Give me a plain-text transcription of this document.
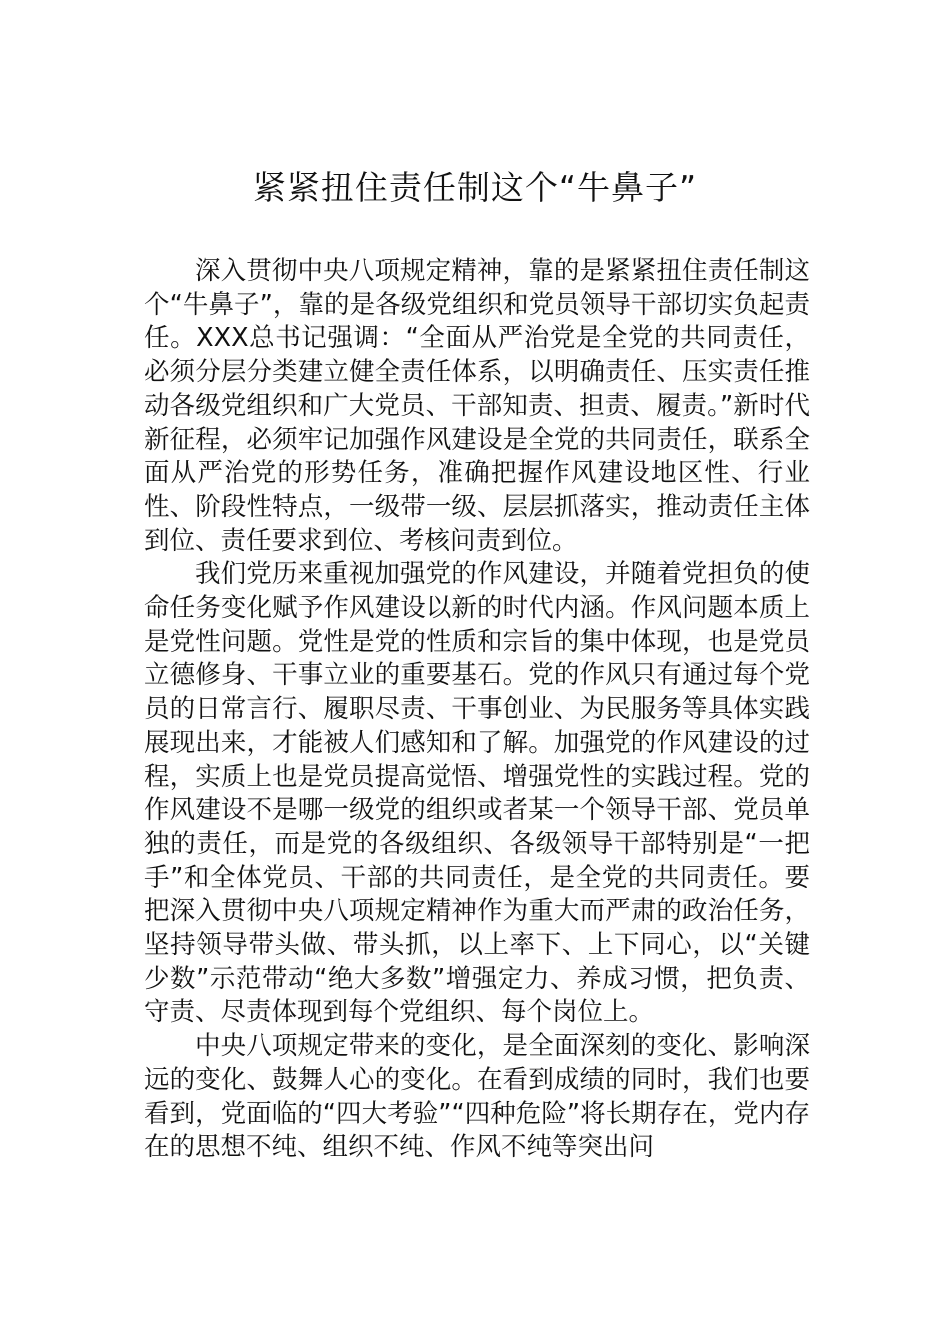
紧紧扭住责任制这个“牛鼻子”

深入贯彻中央八项规定精神，靠的是紧紧扭住责任制这个“牛鼻子”，靠的是各级党组织和党员领导干部切实负起责任。XXX总书记强调：“全面从严治党是全党的共同责任，必须分层分类建立健全责任体系，以明确责任、压实责任推动各级党组织和广大党员、干部知责、担责、履责。”新时代新征程，必须牢记加强作风建设是全党的共同责任，联系全面从严治党的形势任务，准确把握作风建设地区性、行业性、阶段性特点，一级带一级、层层抓落实，推动责任主体到位、责任要求到位、考核问责到位。

我们党历来重视加强党的作风建设，并随着党担负的使命任务变化赋予作风建设以新的时代内涵。作风问题本质上是党性问题。党性是党的性质和宗旨的集中体现，也是党员立德修身、干事立业的重要基石。党的作风只有通过每个党员的日常言行、履职尽责、干事创业、为民服务等具体实践展现出来，才能被人们感知和了解。加强党的作风建设的过程，实质上也是党员提高觉悟、增强党性的实践过程。党的作风建设不是哪一级党的组织或者某一个领导干部、党员单独的责任，而是党的各级组织、各级领导干部特别是“一把手”和全体党员、干部的共同责任，是全党的共同责任。要把深入贯彻中央八项规定精神作为重大而严肃的政治任务，坚持领导带头做、带头抓，以上率下、上下同心，以“关键少数”示范带动“绝大多数”增强定力、养成习惯，把负责、守责、尽责体现到每个党组织、每个岗位上。

中央八项规定带来的变化，是全面深刻的变化、影响深远的变化、鼓舞人心的变化。在看到成绩的同时，我们也要看到，党面临的“四大考验”“四种危险”将长期存在，党内存在的思想不纯、组织不纯、作风不纯等突出问
